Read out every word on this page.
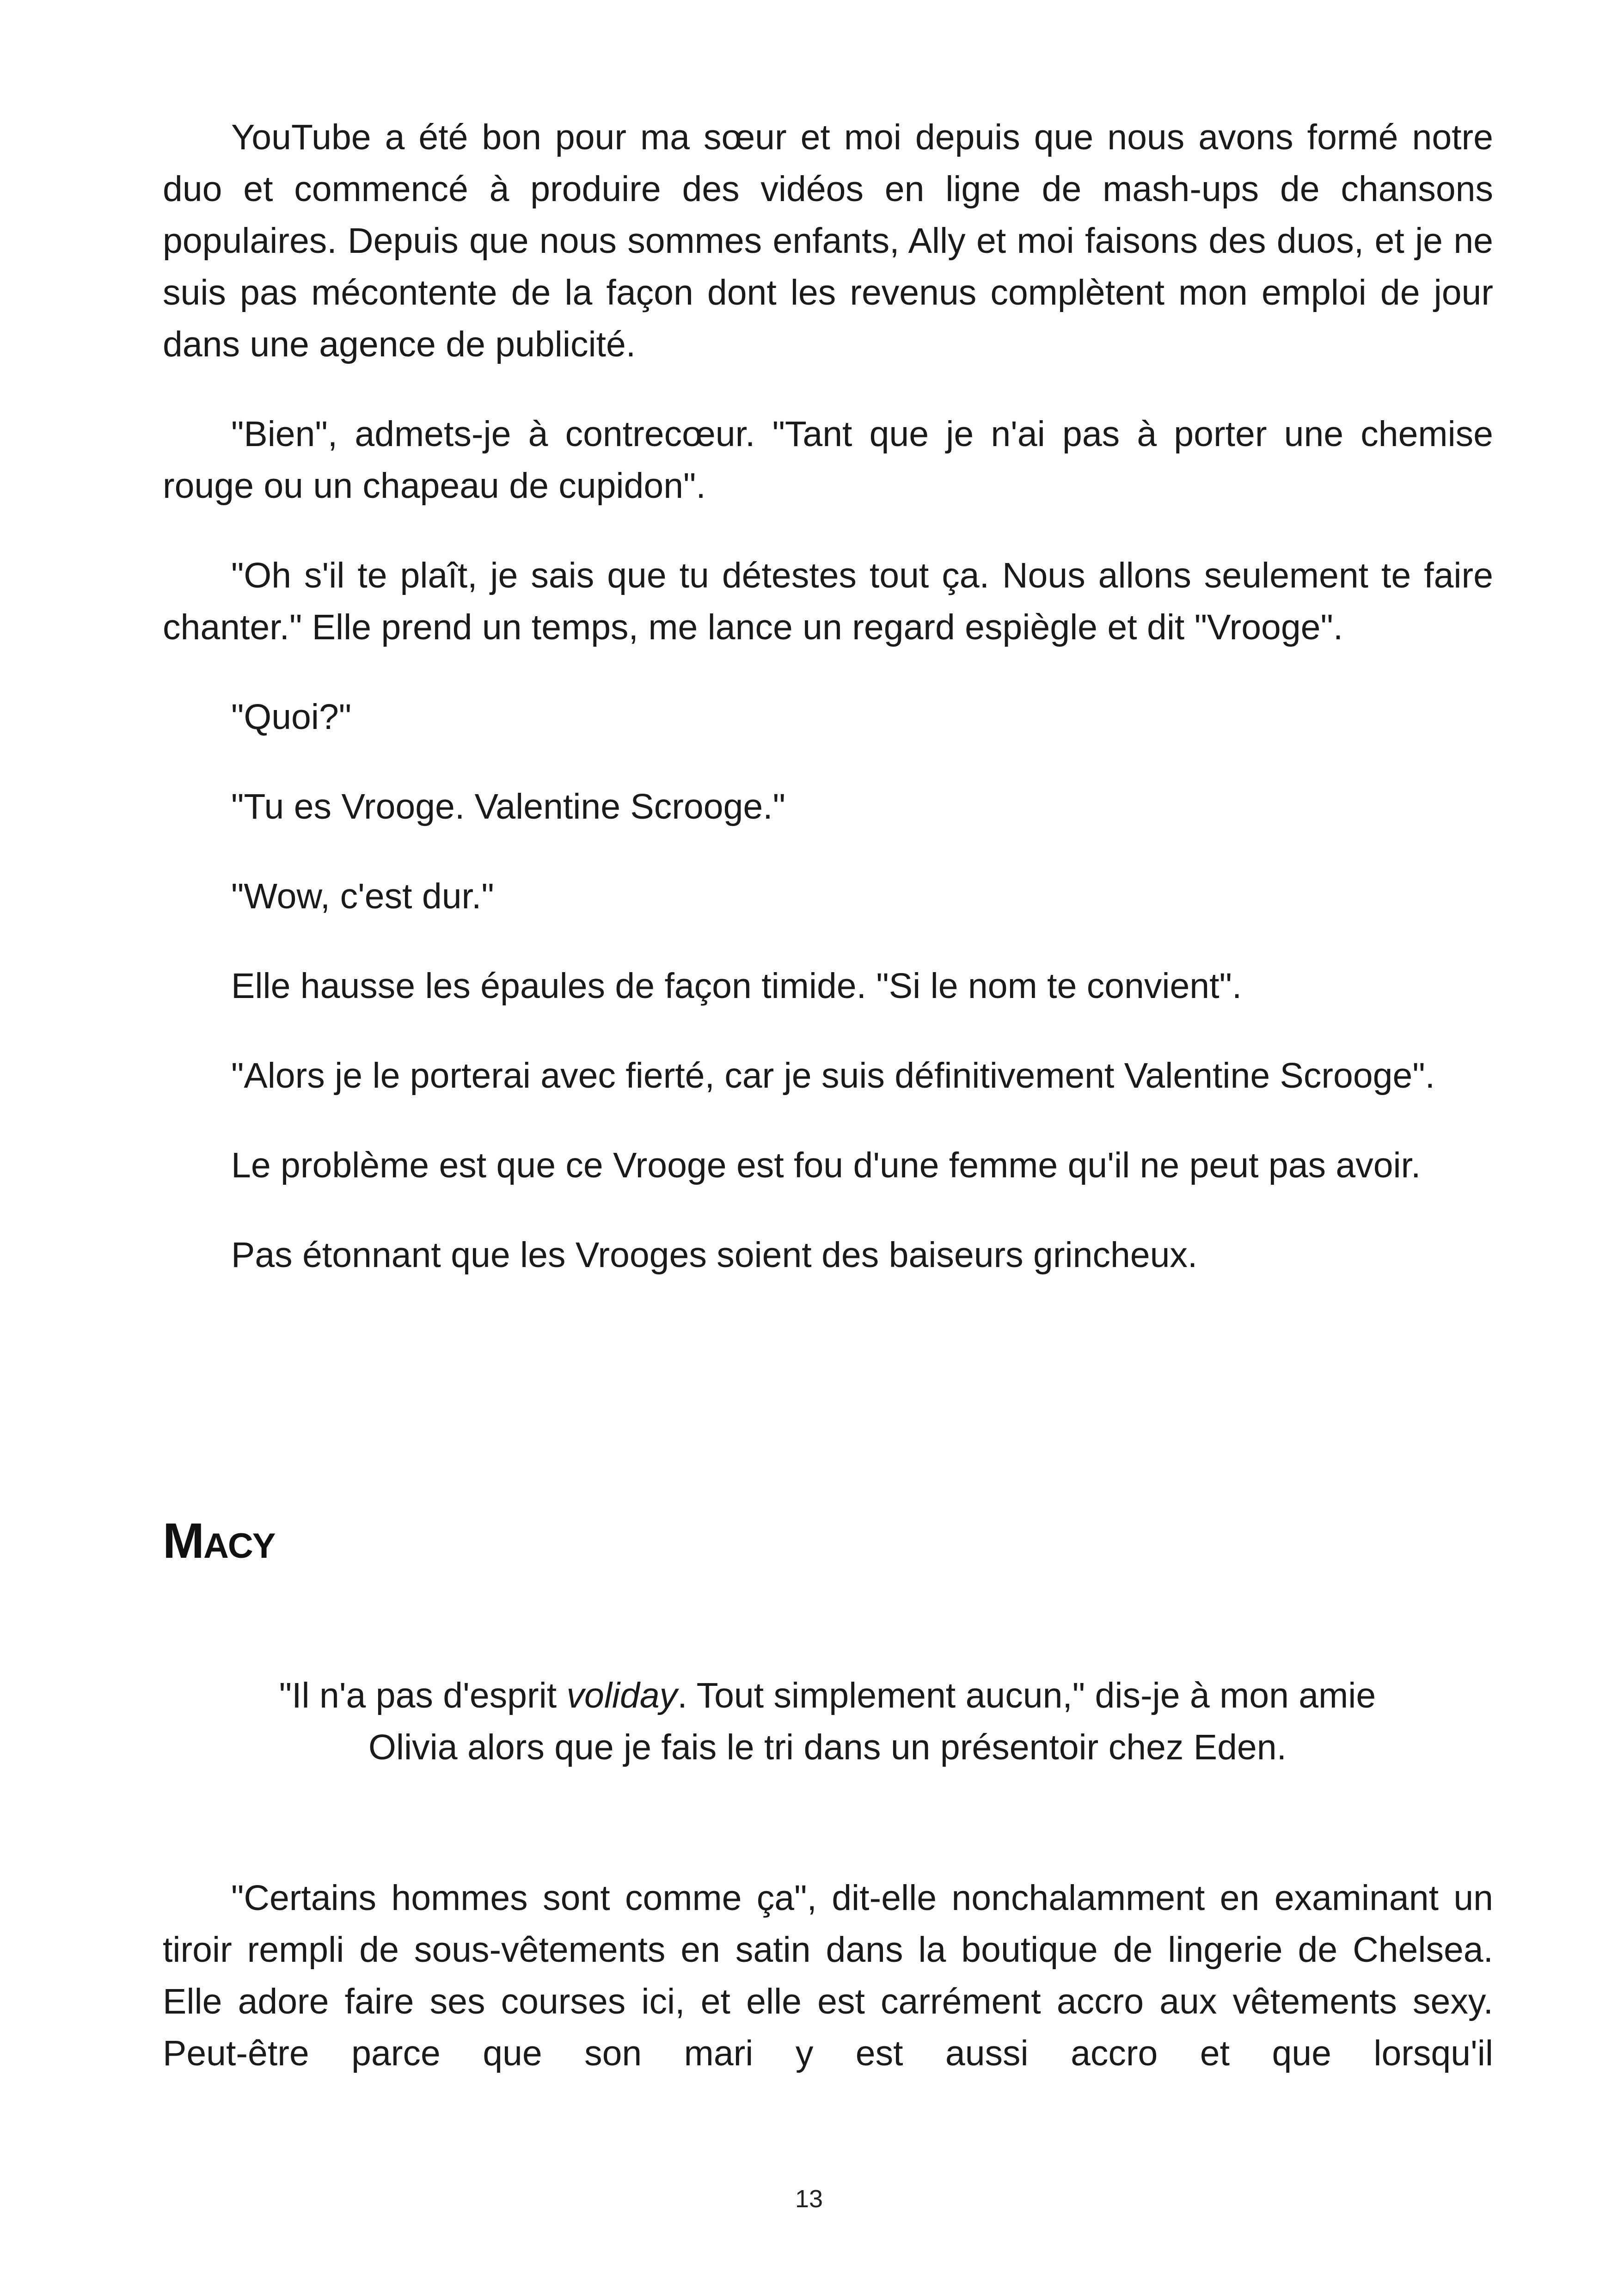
YouTube a été bon pour ma sœur et moi depuis que nous avons formé notre duo et commencé à produire des vidéos en ligne de mash-ups de chansons populaires. Depuis que nous sommes enfants, Ally et moi faisons des duos, et je ne suis pas mécontente de la façon dont les revenus complètent mon emploi de jour dans une agence de publicité.

"Bien", admets-je à contrecœur. "Tant que je n'ai pas à porter une chemise rouge ou un chapeau de cupidon".

"Oh s'il te plaît, je sais que tu détestes tout ça. Nous allons seulement te faire chanter." Elle prend un temps, me lance un regard espiègle et dit "Vrooge".

"Quoi?"

"Tu es Vrooge. Valentine Scrooge."

"Wow, c'est dur."

Elle hausse les épaules de façon timide. "Si le nom te convient".

"Alors je le porterai avec fierté, car je suis définitivement Valentine Scrooge".

Le problème est que ce Vrooge est fou d'une femme qu'il ne peut pas avoir.

Pas étonnant que les Vrooges soient des baiseurs grincheux.

Macy

"Il n'a pas d'esprit voliday. Tout simplement aucun," dis-je à mon amie Olivia alors que je fais le tri dans un présentoir chez Eden.

"Certains hommes sont comme ça", dit-elle nonchalamment en examinant un tiroir rempli de sous-vêtements en satin dans la boutique de lingerie de Chelsea. Elle adore faire ses courses ici, et elle est carrément accro aux vêtements sexy. Peut-être parce que son mari y est aussi accro et que lorsqu'il

13
